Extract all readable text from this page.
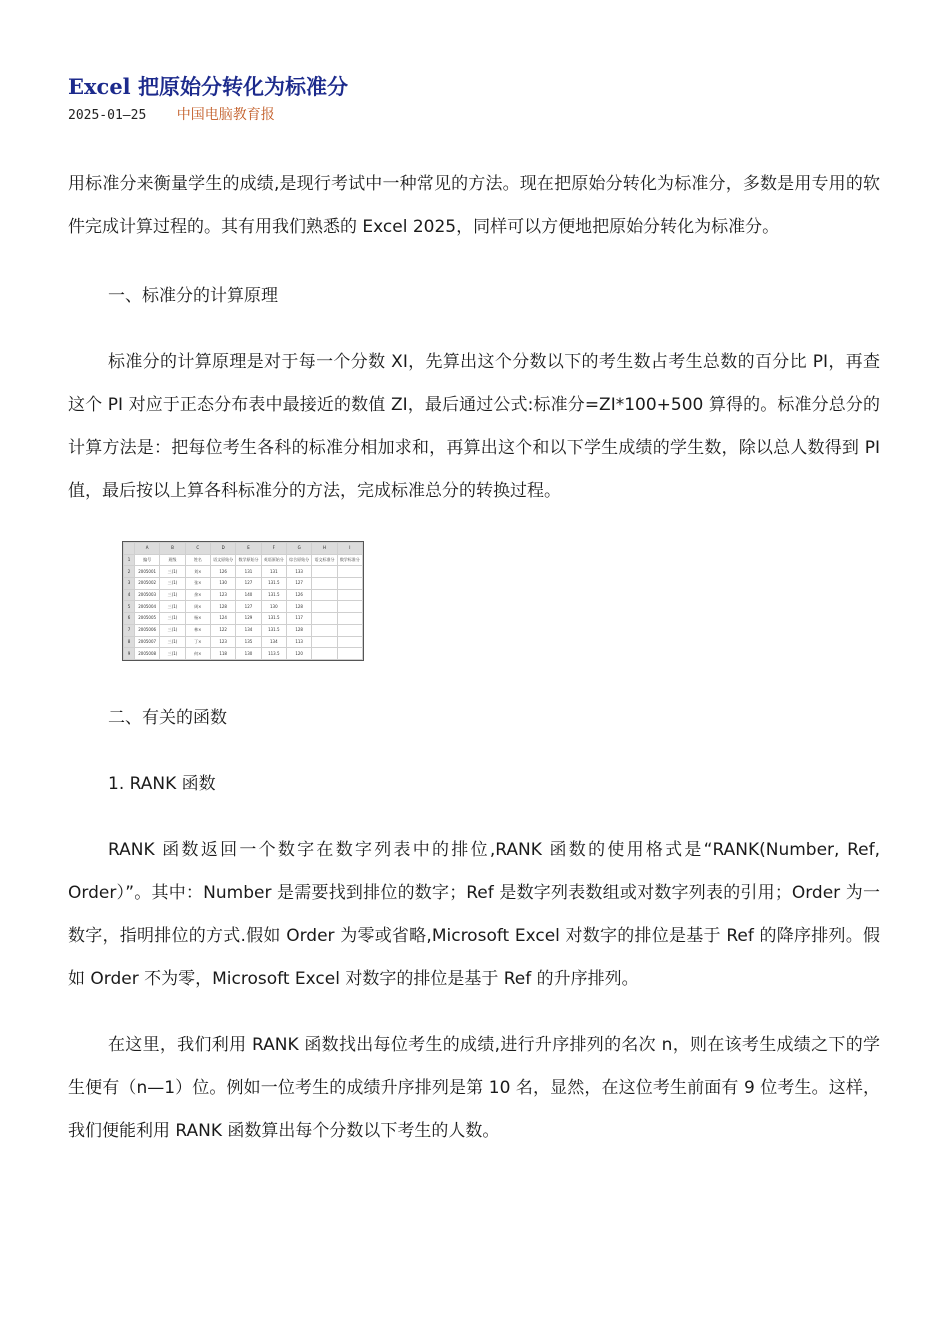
Excel 把原始分转化为标准分
2025-01—25 中国电脑教育报

用标准分来衡量学生的成绩,是现行考试中一种常见的方法。现在把原始分转化为标准分，多数是用专用的软件完成计算过程的。其有用我们熟悉的 Excel 2025，同样可以方便地把原始分转化为标准分。

一、标准分的计算原理

标准分的计算原理是对于每一个分数 XI，先算出这个分数以下的考生数占考生总数的百分比 PI，再查这个 PI 对应于正态分布表中最接近的数值 ZI，最后通过公式:标准分=ZI*100+500 算得的。标准分总分的计算方法是：把每位考生各科的标准分相加求和，再算出这个和以下学生成绩的学生数，除以总人数得到 PI 值，最后按以上算各科标准分的方法，完成标准总分的转换过程。

	A	B	C	D	E	F	G	H	I
1	编号	班级	姓名	语文原始分	数学原始分	英语原始分	综合原始分	语文标准分	数学标准分
2	2005001	三(1)	刘×	126	131	131	133		
3	2005002	三(1)	张×	130	127	131.5	127		
4	2005003	三(1)	余×	123	140	131.5	126		
5	2005004	三(1)	周×	128	127	130	128		
6	2005005	三(1)	杨×	124	129	131.5	117		
7	2005006	三(1)	林×	122	134	131.5	128		
8	2005007	三(1)	丁×	123	135	134	113		
9	2005008	三(1)	何×	118	130	113.5	120		
二、有关的函数
1. RANK 函数

RANK 函数返回一个数字在数字列表中的排位,RANK 函数的使用格式是“RANK(Number, Ref, Order）”。其中：Number 是需要找到排位的数字；Ref 是数字列表数组或对数字列表的引用；Order 为一数字，指明排位的方式.假如 Order 为零或省略,Microsoft Excel 对数字的排位是基于 Ref 的降序排列。假如 Order 不为零，Microsoft Excel 对数字的排位是基于 Ref 的升序排列。

在这里，我们利用 RANK 函数找出每位考生的成绩,进行升序排列的名次 n，则在该考生成绩之下的学生便有（n—1）位。例如一位考生的成绩升序排列是第 10 名，显然，在这位考生前面有 9 位考生。这样，我们便能利用 RANK 函数算出每个分数以下考生的人数。
